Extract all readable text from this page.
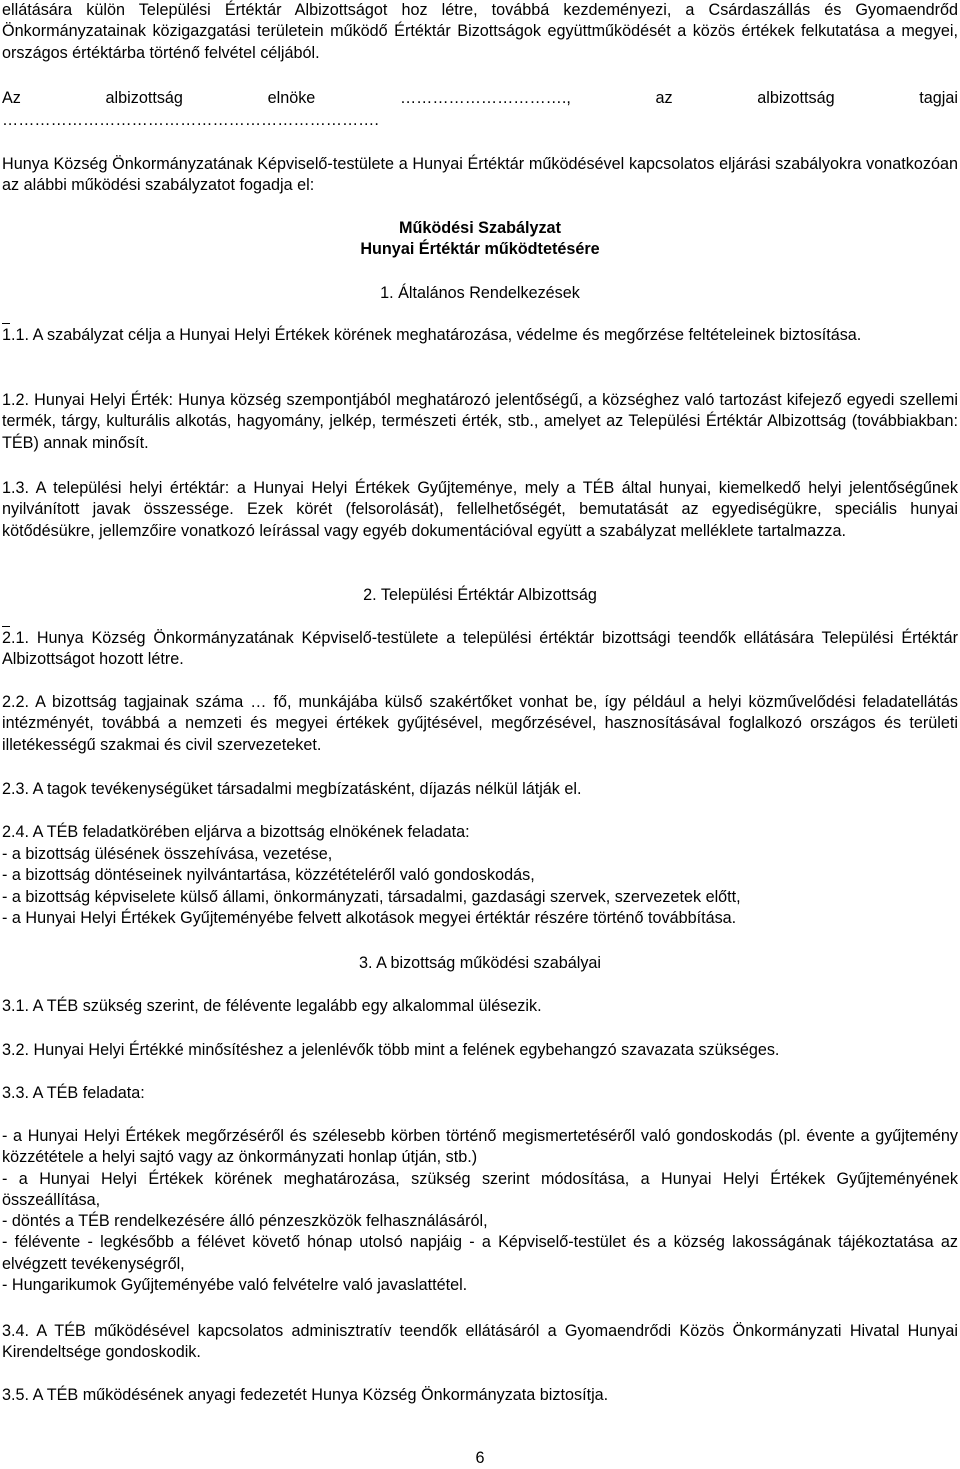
ellátására külön Települési Értéktár Albizottságot hoz létre, továbbá kezdeményezi, a Csárdaszállás és Gyomaendrőd Önkormányzatainak közigazgatási területein működő Értéktár Bizottságok együttműködését a közös értékek felkutatása a megyei, országos értéktárba történő felvétel céljából.

Az albizottság elnöke …………………………., az albizottság tagjai

…………………………………………………………….

Hunya Község Önkormányzatának Képviselő-testülete a Hunyai Értéktár működésével kapcsolatos eljárási szabályokra vonatkozóan az alábbi működési szabályzatot fogadja el:

Működési Szabályzat

Hunyai Értéktár működtetésére

1. Általános Rendelkezések

1.1. A szabályzat célja a Hunyai Helyi Értékek körének meghatározása, védelme és megőrzése feltételeinek biztosítása.

1.2. Hunyai Helyi Érték: Hunya község szempontjából meghatározó jelentőségű, a községhez való tartozást kifejező egyedi szellemi termék, tárgy, kulturális alkotás, hagyomány, jelkép, természeti érték, stb., amelyet az Települési Értéktár Albizottság (továbbiakban: TÉB) annak minősít.

1.3. A települési helyi értéktár: a Hunyai Helyi Értékek Gyűjteménye, mely a TÉB által hunyai, kiemelkedő helyi jelentőségűnek nyilvánított javak összessége. Ezek körét (felsorolását), fellelhetőségét, bemutatását az egyediségükre, speciális hunyai kötődésükre, jellemzőire vonatkozó leírással vagy egyéb dokumentációval együtt a szabályzat melléklete tartalmazza.

2. Települési Értéktár Albizottság

2.1. Hunya Község Önkormányzatának Képviselő-testülete a települési értéktár bizottsági teendők ellátására Települési Értéktár Albizottságot hozott létre.

2.2. A bizottság tagjainak száma … fő, munkájába külső szakértőket vonhat be, így például a helyi közművelődési feladatellátás intézményét, továbbá a nemzeti és megyei értékek gyűjtésével, megőrzésével, hasznosításával foglalkozó országos és területi illetékességű szakmai és civil szervezeteket.

2.3. A tagok tevékenységüket társadalmi megbízatásként, díjazás nélkül látják el.

2.4. A TÉB feladatkörében eljárva a bizottság elnökének feladata:

- a bizottság ülésének összehívása, vezetése,

- a bizottság döntéseinek nyilvántartása, közzétételéről való gondoskodás,

- a bizottság képviselete külső állami, önkormányzati, társadalmi, gazdasági szervek, szervezetek előtt,

- a Hunyai Helyi Értékek Gyűjteményébe felvett alkotások megyei értéktár részére történő továbbítása.

3. A bizottság működési szabályai

3.1. A TÉB szükség szerint, de félévente legalább egy alkalommal ülésezik.

3.2. Hunyai Helyi Értékké minősítéshez a jelenlévők több mint a felének egybehangzó szavazata szükséges.

3.3. A TÉB feladata:

- a Hunyai Helyi Értékek megőrzéséről és szélesebb körben történő megismertetéséről való gondoskodás (pl. évente a gyűjtemény közzététele a helyi sajtó vagy az önkormányzati honlap útján, stb.)

- a Hunyai Helyi Értékek körének meghatározása, szükség szerint módosítása, a Hunyai Helyi Értékek Gyűjteményének összeállítása,

- döntés a TÉB rendelkezésére álló pénzeszközök felhasználásáról,

- félévente - legkésőbb a félévet követő hónap utolsó napjáig - a Képviselő-testület és a község lakosságának tájékoztatása az elvégzett tevékenységről,

- Hungarikumok Gyűjteményébe való felvételre való javaslattétel.

3.4. A TÉB működésével kapcsolatos adminisztratív teendők ellátásáról a Gyomaendrődi Közös Önkormányzati Hivatal Hunyai Kirendeltsége gondoskodik.

3.5. A TÉB működésének anyagi fedezetét Hunya Község Önkormányzata biztosítja.

6
